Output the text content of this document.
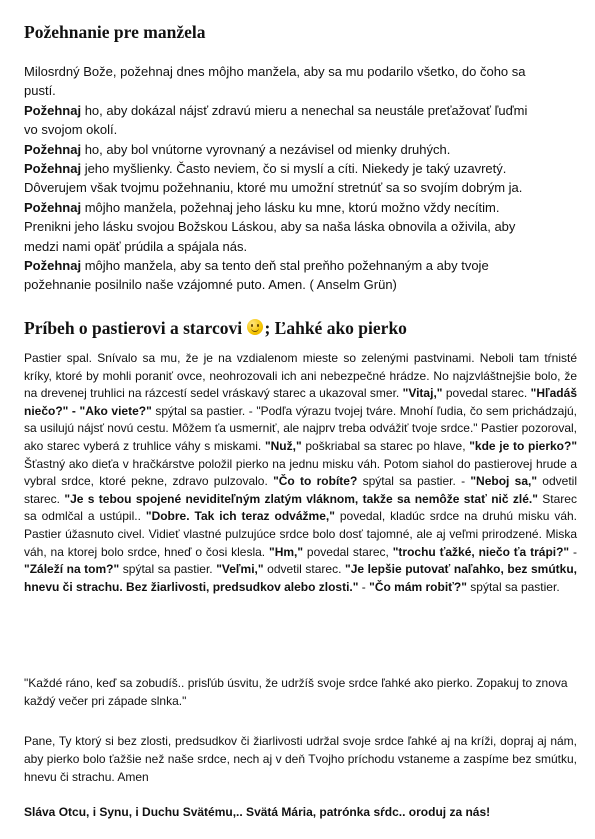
Požehnanie pre manžela
Milosrdný Bože, požehnaj dnes môjho manžela, aby sa mu podarilo všetko, do čoho sa
pustí.
Požehnaj ho, aby dokázal nájsť zdravú mieru a nenechal sa neustále preťažovať ľuďmi
vo svojom okolí.
Požehnaj ho, aby bol vnútorne vyrovnaný a nezávisel od mienky druhých.
Požehnaj jeho myšlienky. Často neviem, čo si myslí a cíti. Niekedy je taký uzavretý.
Dôverujem však tvojmu požehnaniu, ktoré mu umožní stretnúť sa so svojím dobrým ja.
Požehnaj môjho manžela, požehnaj jeho lásku ku mne, ktorú možno vždy necítim.
Preniknі jeho lásku svojou Božskou Láskou, aby sa naša láska obnovila a oživila, aby
medzi nami opäť prúdila a spájala nás.
Požehnaj môjho manžela, aby sa tento deň stal preňho požehnaným a aby tvoje
požehnanie posilnilo naše vzájomné puto. Amen. ( Anselm Grün)
Príbeh o pastierovi a starcovi ; Ľahké ako pierko

Pastier spal. Snívalo sa mu, že je na vzdialenom mieste so zelenými pastvinami. Neboli tam tŕnisté kríky, ktoré by mohli poraniť ovce, neohrozovali ich ani nebezpečné hrádze. No najzvláštnejšie bolo, že na drevenej truhlici na rázcestí sedel vráskavý starec a ukazoval smer. "Vitaj," povedal starec. "Hľadáš niečo?" - "Ako viete?" spýtal sa pastier. - "Podľa výrazu tvojej tváre. Mnohí ľudia, čo sem prichádzajú, sa usilujú nájsť novú cestu. Môžem ťa usmerniť, ale najprv treba odvážiť tvoje srdce." Pastier pozoroval, ako starec vyberá z truhlice váhy s miskami. "Nuž," poškriabal sa starec po hlave, "kde je to pierko?" Šťastný ako dieťa v hračkárstve položil pierko na jednu misku váh. Potom siahol do pastierovej hrude a vybral srdce, ktoré pekne, zdravo pulzovalo. "Čo to robíte? spýtal sa pastier. - "Neboj sa," odvetil starec. "Je s tebou spojené neviditeľným zlatým vláknom, takže sa nemôže stať nič zlé." Starec sa odmlčal a ustúpil.. "Dobre. Tak ich teraz odvážme," povedal, kladúc srdce na druhú misku váh. Pastier úžasnuto civel. Vidieť vlastné pulzujúce srdce bolo dosť tajomné, ale aj veľmi prirodzené. Miska váh, na ktorej bolo srdce, hneď o čosi klesla. "Hm," povedal starec, "trochu ťažké, niečo ťa trápi?" - "Záleží na tom?" spýtal sa pastier. "Veľmi," odvetil starec. "Je lepšie putovať naľahko, bez smútku, hnevu či strachu. Bez žiarlivosti, predsudkov alebo zlosti." - "Čo mám robiť?" spýtal sa pastier.

"Každé ráno, keď sa zobudíš.. prisľúb úsvitu, že udržíš svoje srdce ľahké ako pierko. Zopakuj to znova každý večer pri západe slnka."
Pane, Ty ktorý si bez zlosti, predsudkov či žiarlivosti udržal svoje srdce ľahké aj na kríži, dopraj aj nám, aby pierko bolo ťažšie než naše srdce, nech aj v deň Tvojho príchodu vstaneme a zaspíme bez smútku, hnevu či strachu. Amen
Sláva Otcu, i Synu, i Duchu Svätému,.. Svätá Mária, patrónka sŕdc.. oroduj za nás!
